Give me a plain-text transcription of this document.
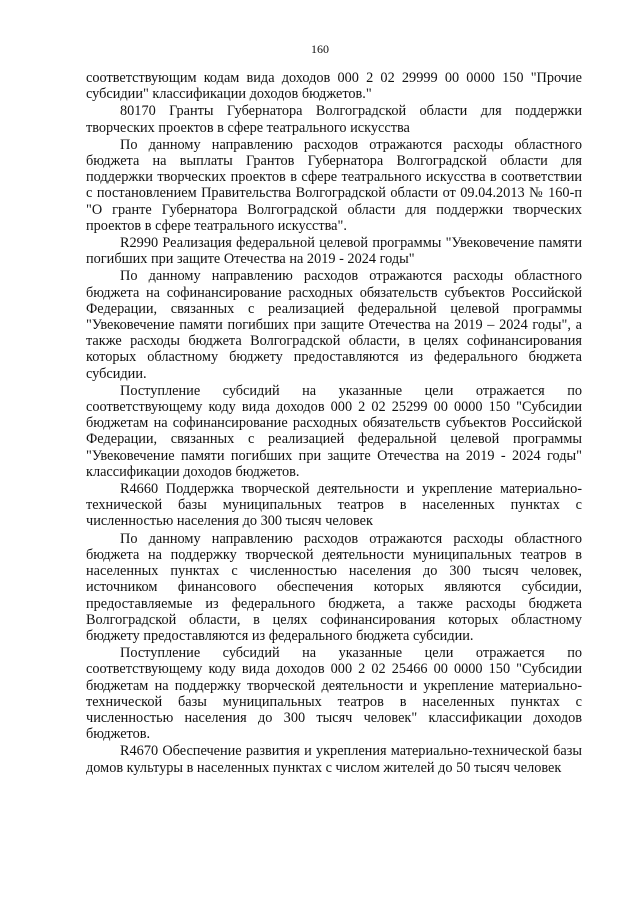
160

соответствующим кодам вида доходов 000 2 02 29999 00 0000 150 "Прочие субсидии" классификации доходов бюджетов."

80170 Гранты Губернатора Волгоградской области для поддержки творческих проектов в сфере театрального искусства

По данному направлению расходов отражаются расходы областного бюджета на выплаты Грантов Губернатора Волгоградской области для поддержки творческих проектов в сфере театрального искусства в соответствии с постановлением Правительства Волгоградской области от 09.04.2013 № 160-п "О гранте Губернатора Волгоградской области для поддержки творческих проектов в сфере театрального искусства".

R2990 Реализация федеральной целевой программы "Увековечение памяти погибших при защите Отечества на 2019 - 2024 годы"

По данному направлению расходов отражаются расходы областного бюджета на софинансирование расходных обязательств субъектов Российской Федерации, связанных с реализацией федеральной целевой программы "Увековечение памяти погибших при защите Отечества на 2019 – 2024 годы", а также расходы бюджета Волгоградской области, в целях софинансирования которых областному бюджету предоставляются из федерального бюджета субсидии.

Поступление субсидий на указанные цели отражается по соответствующему коду вида доходов 000 2 02 25299 00 0000 150 "Субсидии бюджетам на софинансирование расходных обязательств субъектов Российской Федерации, связанных с реализацией федеральной целевой программы "Увековечение памяти погибших при защите Отечества на 2019 - 2024 годы" классификации доходов бюджетов.

R4660 Поддержка творческой деятельности и укрепление материально-технической базы муниципальных театров в населенных пунктах с численностью населения до 300 тысяч человек

По данному направлению расходов отражаются расходы областного бюджета на поддержку творческой деятельности муниципальных театров в населенных пунктах с численностью населения до 300 тысяч человек, источником финансового обеспечения которых являются субсидии, предоставляемые из федерального бюджета, а также расходы бюджета Волгоградской области, в целях софинансирования которых областному бюджету предоставляются из федерального бюджета субсидии.

Поступление субсидий на указанные цели отражается по соответствующему коду вида доходов 000 2 02 25466 00 0000 150 "Субсидии бюджетам на поддержку творческой деятельности и укрепление материально-технической базы муниципальных театров в населенных пунктах с численностью населения до 300 тысяч человек" классификации доходов бюджетов.

R4670 Обеспечение развития и укрепления материально-технической базы домов культуры в населенных пунктах с числом жителей до 50 тысяч человек
